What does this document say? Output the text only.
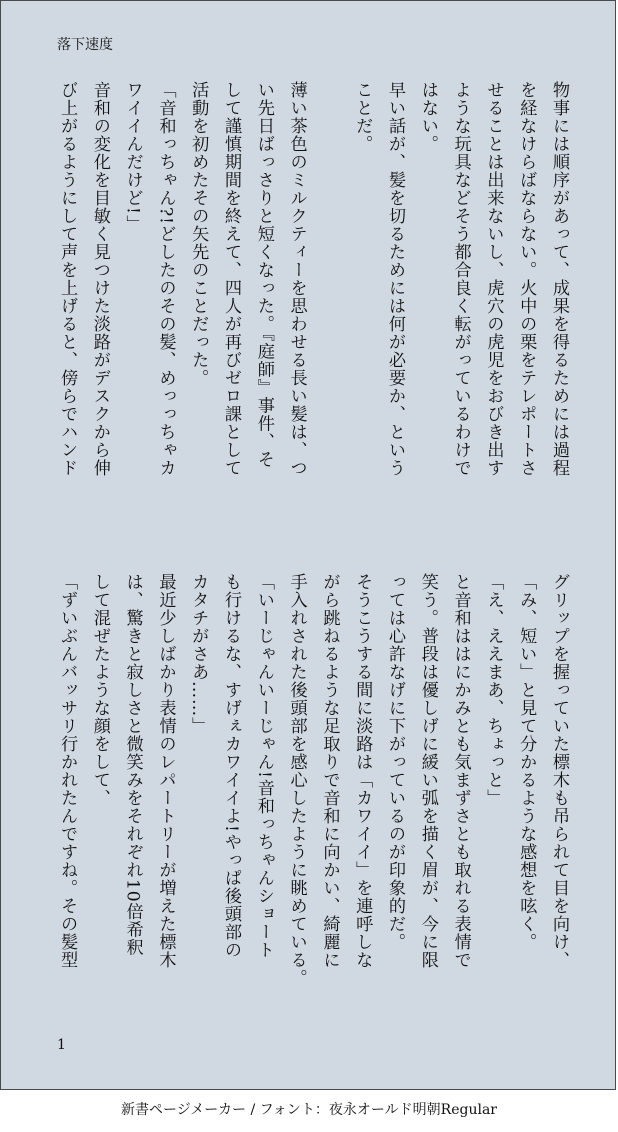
落下速度
物事には順序があって、成果を得るためには過程
を経なけらばならない。火中の栗をテレポートさ
せることは出来ないし、虎穴の虎児をおびき出す
ような玩具などそう都合良く転がっているわけで
はない。
早い話が、髪を切るためには何が必要か、という
ことだ。
薄い茶色のミルクティーを思わせる長い髪は、つ
い先日ばっさりと短くなった。『庭師』事件、そ
して謹慎期間を終えて、四人が再びゼロ課として
活動を初めたその矢先のことだった。
「音和っちゃん?!どしたのその髪、めっっちゃカ
ワイイんだけど!」
音和の変化を目敏く見つけた淡路がデスクから伸
び上がるようにして声を上げると、傍らでハンド
グリップを握っていた標木も吊られて目を向け、
「み、短い」と見て分かるような感想を呟く。
「え、ええまあ、ちょっと」
と音和ははにかみとも気まずさとも取れる表情で
笑う。普段は優しげに緩い弧を描く眉が、今に限
っては心許なげに下がっているのが印象的だ。
そうこうする間に淡路は「カワイイ」を連呼しな
がら跳ねるような足取りで音和に向かい、綺麗に
手入れされた後頭部を感心したように眺めている。
「いーじゃんいーじゃん!音和っちゃんショート
も行けるな、すげぇカワイイよ!やっぱ後頭部の
カタチがさあ……」
最近少しばかり表情のレパートリーが増えた標木
は、驚きと寂しさと微笑みをそれぞれ10倍希釈
して混ぜたような顔をして、
「ずいぶんバッサリ行かれたんですね。その髪型
1
新書ページメーカー / フォント：夜永オールド明朝Regular
